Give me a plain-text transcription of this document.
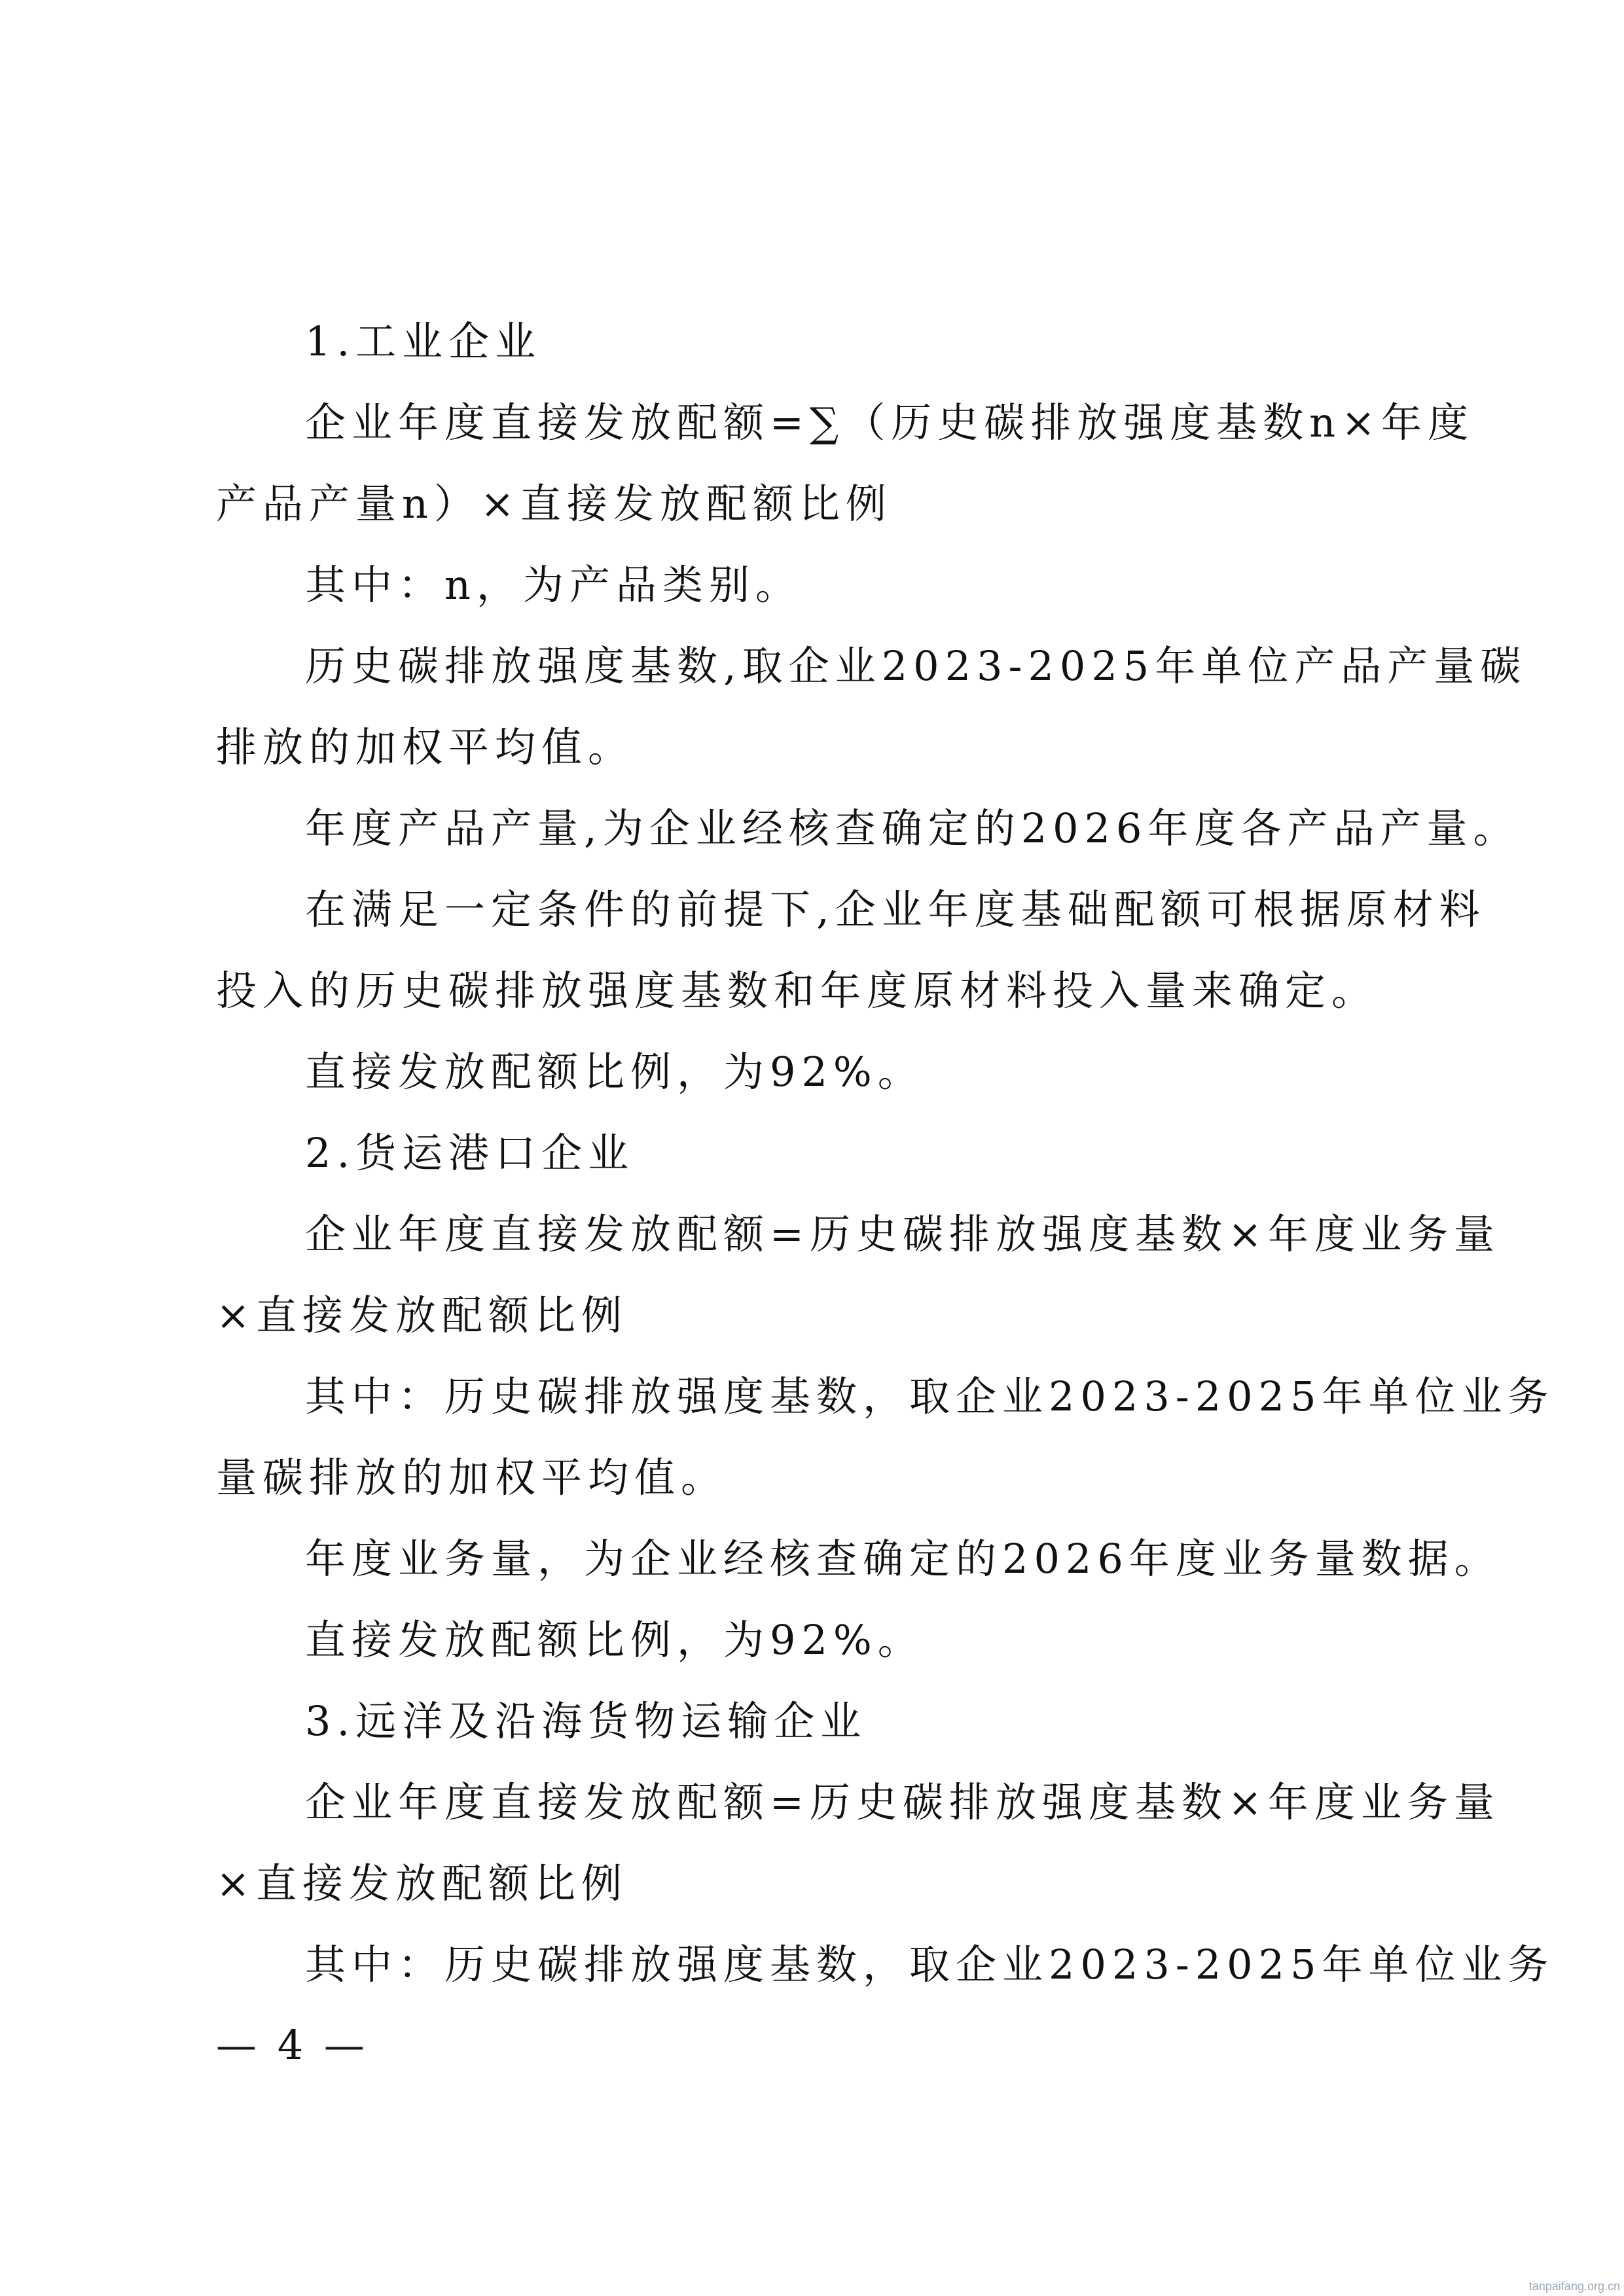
1.工业企业
企业年度直接发放配额=∑（历史碳排放强度基数n×年度
产品产量n）×直接发放配额比例
其中：n，为产品类别。
历史碳排放强度基数,取企业2023-2025年单位产品产量碳
排放的加权平均值。
年度产品产量,为企业经核查确定的2026年度各产品产量。
在满足一定条件的前提下,企业年度基础配额可根据原材料
投入的历史碳排放强度基数和年度原材料投入量来确定。
直接发放配额比例，为92%。
2.货运港口企业
企业年度直接发放配额=历史碳排放强度基数×年度业务量
×直接发放配额比例
其中：历史碳排放强度基数，取企业2023-2025年单位业务
量碳排放的加权平均值。
年度业务量，为企业经核查确定的2026年度业务量数据。
直接发放配额比例，为92%。
3.远洋及沿海货物运输企业
企业年度直接发放配额=历史碳排放强度基数×年度业务量
×直接发放配额比例
其中：历史碳排放强度基数，取企业2023-2025年单位业务
— 4 —
tanpaifang.org.cn
